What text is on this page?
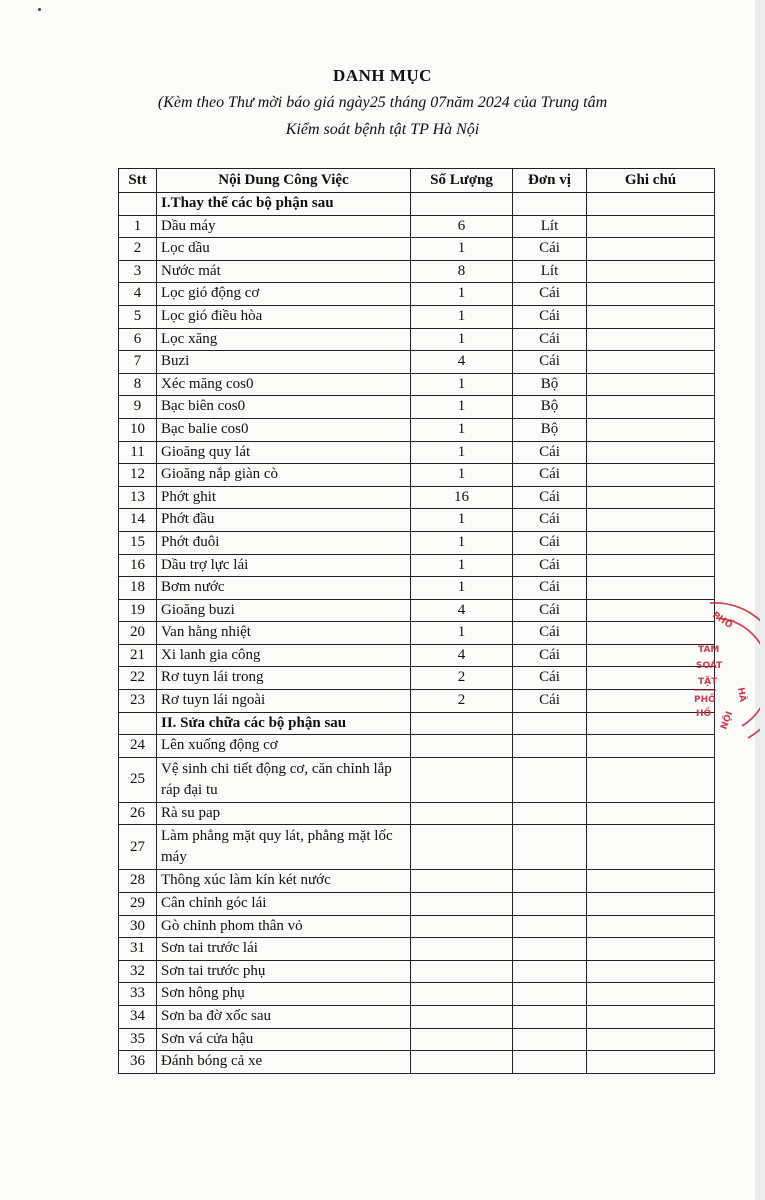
DANH MỤC
(Kèm theo Thư mời báo giá ngày25 tháng 07năm 2024 của Trung tâm
Kiểm soát bệnh tật TP Hà Nội
Stt	Nội Dung Công Việc	Số Lượng	Đơn vị	Ghi chú
	I.Thay thế các bộ phận sau			
1	Dầu máy	6	Lít	
2	Lọc dầu	1	Cái	
3	Nước mát	8	Lít	
4	Lọc gió động cơ	1	Cái	
5	Lọc gió điều hòa	1	Cái	
6	Lọc xăng	1	Cái	
7	Buzi	4	Cái	
8	Xéc măng cos0	1	Bộ	
9	Bạc biên cos0	1	Bộ	
10	Bạc balie cos0	1	Bộ	
11	Gioăng quy lát	1	Cái	
12	Gioăng nắp giàn cò	1	Cái	
13	Phớt ghit	16	Cái	
14	Phớt đầu	1	Cái	
15	Phớt đuôi	1	Cái	
16	Dầu trợ lực lái	1	Cái	
18	Bơm nước	1	Cái	
19	Gioăng buzi	4	Cái	
20	Van hằng nhiệt	1	Cái	
21	Xi lanh gia công	4	Cái	
22	Rơ tuyn lái trong	2	Cái	
23	Rơ tuyn lái ngoài	2	Cái	
	II. Sửa chữa các bộ phận sau			
24	Lên xuống động cơ			
25	Vệ sinh chi tiết động cơ, căn chỉnh lắp ráp đại tu			
26	Rà su pap			
27	Làm phẳng mặt quy lát, phẳng mặt lốc máy			
28	Thông xúc làm kín két nước			
29	Cân chỉnh góc lái			
30	Gò chỉnh phom thân vỏ			
31	Sơn tai trước lái			
32	Sơn tai trước phụ			
33	Sơn hông phụ			
34	Sơn ba đờ xốc sau			
35	Sơn vá cửa hậu			
36	Đánh bóng cả xe			
PHỐ
TÂM
SOÁT
TẬT
PHỐ
HỒ
HÀ
NỘI
